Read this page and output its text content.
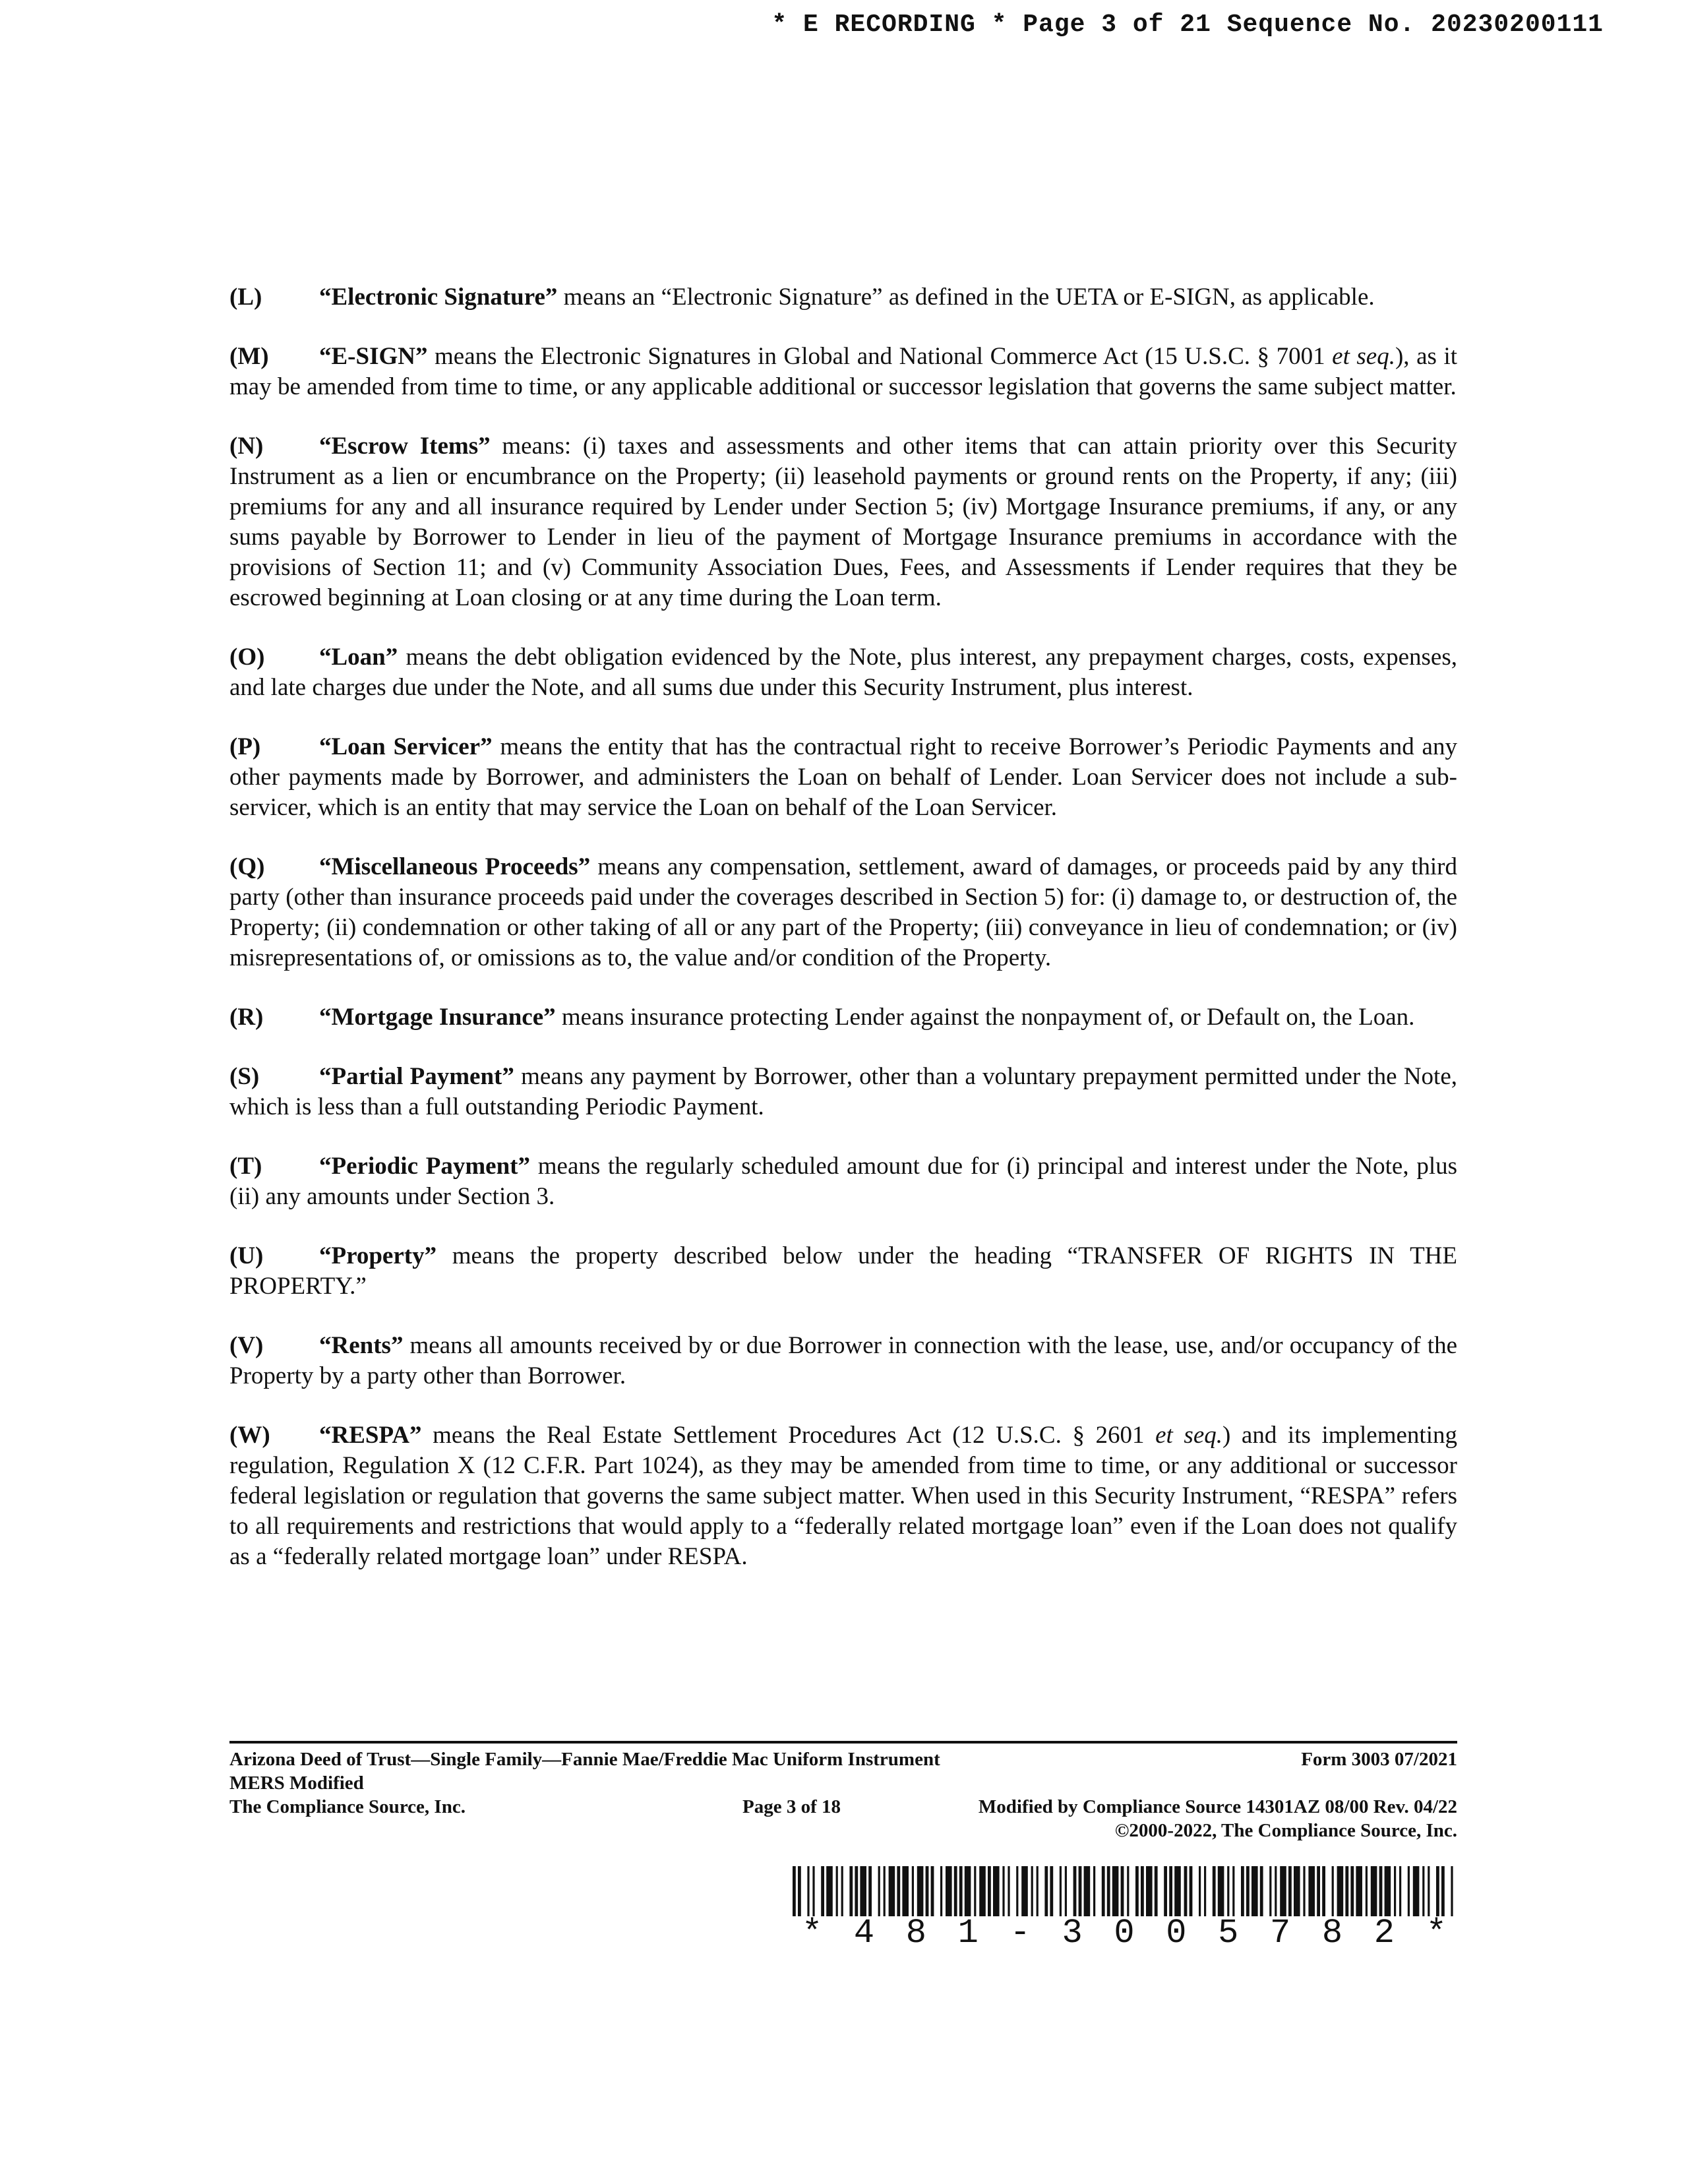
* E RECORDING * Page 3 of 21 Sequence No. 20230200111

(L) “Electronic Signature” means an “Electronic Signature” as defined in the UETA or E-SIGN, as applicable.

(M) “E-SIGN” means the Electronic Signatures in Global and National Commerce Act (15 U.S.C. § 7001 et seq.), as it may be amended from time to time, or any applicable additional or successor legislation that governs the same subject matter.

(N) “Escrow Items” means: (i) taxes and assessments and other items that can attain priority over this Security Instrument as a lien or encumbrance on the Property; (ii) leasehold payments or ground rents on the Property, if any; (iii) premiums for any and all insurance required by Lender under Section 5; (iv) Mortgage Insurance premiums, if any, or any sums payable by Borrower to Lender in lieu of the payment of Mortgage Insurance premiums in accordance with the provisions of Section 11; and (v) Community Association Dues, Fees, and Assessments if Lender requires that they be escrowed beginning at Loan closing or at any time during the Loan term.

(O) “Loan” means the debt obligation evidenced by the Note, plus interest, any prepayment charges, costs, expenses, and late charges due under the Note, and all sums due under this Security Instrument, plus interest.

(P) “Loan Servicer” means the entity that has the contractual right to receive Borrower’s Periodic Payments and any other payments made by Borrower, and administers the Loan on behalf of Lender. Loan Servicer does not include a sub-servicer, which is an entity that may service the Loan on behalf of the Loan Servicer.

(Q) “Miscellaneous Proceeds” means any compensation, settlement, award of damages, or proceeds paid by any third party (other than insurance proceeds paid under the coverages described in Section 5) for: (i) damage to, or destruction of, the Property; (ii) condemnation or other taking of all or any part of the Property; (iii) conveyance in lieu of condemnation; or (iv) misrepresentations of, or omissions as to, the value and/or condition of the Property.

(R) “Mortgage Insurance” means insurance protecting Lender against the nonpayment of, or Default on, the Loan.

(S) “Partial Payment” means any payment by Borrower, other than a voluntary prepayment permitted under the Note, which is less than a full outstanding Periodic Payment.

(T) “Periodic Payment” means the regularly scheduled amount due for (i) principal and interest under the Note, plus (ii) any amounts under Section 3.

(U) “Property” means the property described below under the heading “TRANSFER OF RIGHTS IN THE PROPERTY.”

(V) “Rents” means all amounts received by or due Borrower in connection with the lease, use, and/or occupancy of the Property by a party other than Borrower.

(W) “RESPA” means the Real Estate Settlement Procedures Act (12 U.S.C. § 2601 et seq.) and its implementing regulation, Regulation X (12 C.F.R. Part 1024), as they may be amended from time to time, or any additional or successor federal legislation or regulation that governs the same subject matter. When used in this Security Instrument, “RESPA” refers to all requirements and restrictions that would apply to a “federally related mortgage loan” even if the Loan does not qualify as a “federally related mortgage loan” under RESPA.

Arizona Deed of Trust—Single Family—Fannie Mae/Freddie Mac Uniform Instrument	Form 3003 07/2021
MERS Modified
The Compliance Source, Inc.	Page 3 of 18	Modified by Compliance Source 14301AZ 08/00 Rev. 04/22
©2000-2022, The Compliance Source, Inc.
* 4 8 1 - 3 0 0 5 7 8 2 *
